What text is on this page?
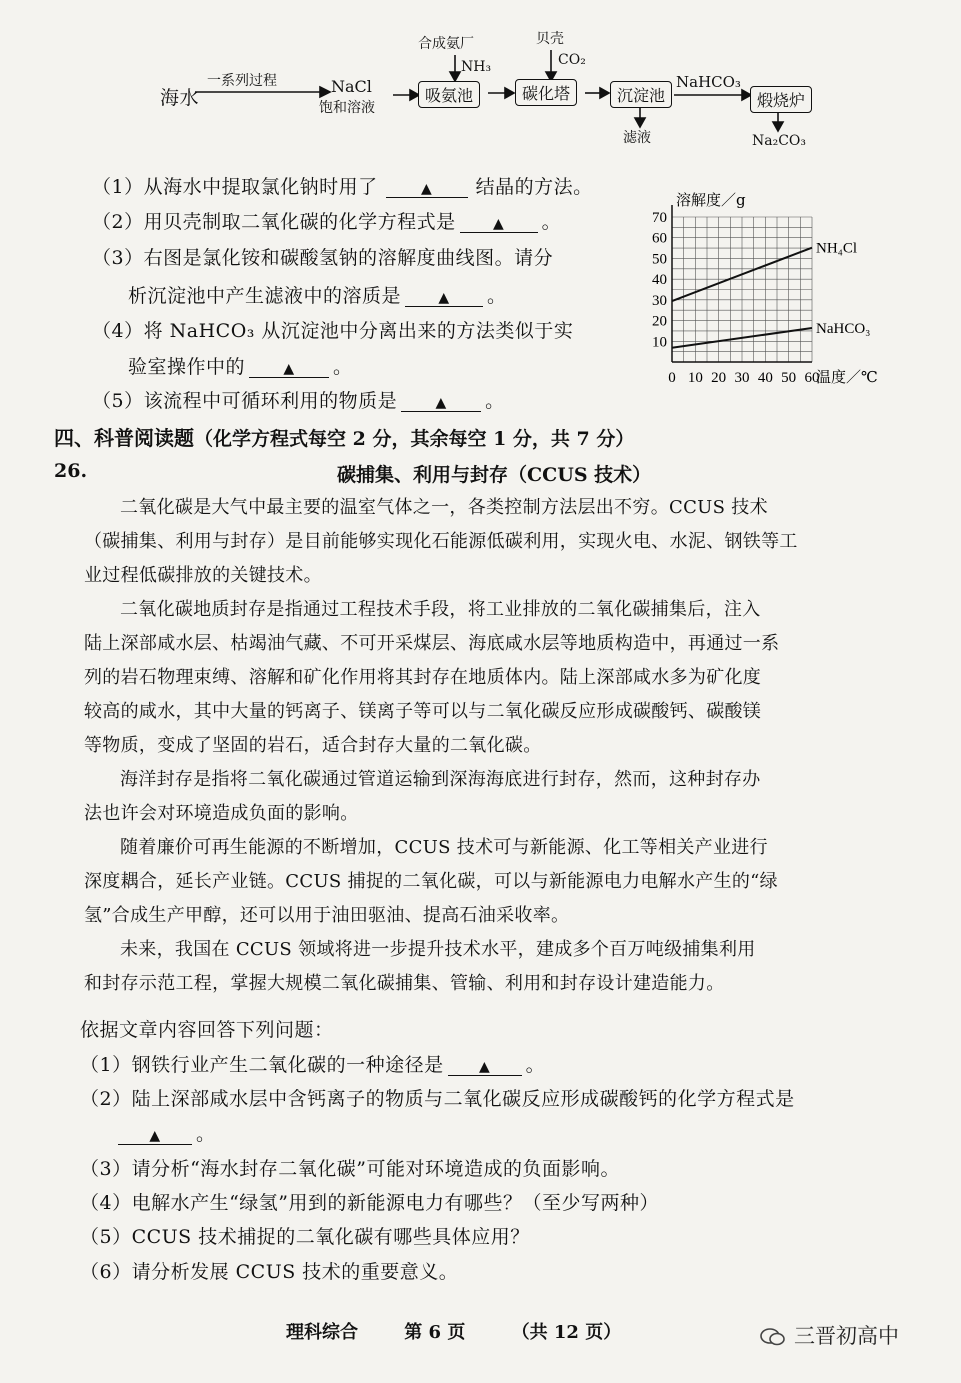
海水
一系列过程	NaCl
饱和溶液
合成氨厂
NH₃
贝壳
CO₂
吸氨池	碳化塔	沉淀池
NaHCO₃
煅烧炉
滤液	Na₂CO₃
（1）从海水中提取氯化钠时用了	▲ 结晶的方法。
（2）用贝壳制取二氧化碳的化学方程式是	▲ 。
（3）右图是氯化铵和碳酸氢钠的溶解度曲线图。请分
析沉淀池中产生滤液中的溶质是	▲ 。
（4）将 NaHCO₃ 从沉淀池中分离出来的方法类似于实
验室操作中的	▲ 。
（5）该流程中可循环利用的物质是	▲ 。
0 10 20 30 40 50 60
10
20
30
40
50
60
70
溶解度／g
温度／℃
NH₄Cl
NaHCO₃
四、科普阅读题（化学方程式每空 2 分，其余每空 1 分，共 7 分）
26.	碳捕集、利用与封存（CCUS 技术）

二氧化碳是大气中最主要的温室气体之一，各类控制方法层出不穷。CCUS 技术
（碳捕集、利用与封存）是目前能够实现化石能源低碳利用，实现火电、水泥、钢铁等工
业过程低碳排放的关键技术。

二氧化碳地质封存是指通过工程技术手段，将工业排放的二氧化碳捕集后，注入
陆上深部咸水层、枯竭油气藏、不可开采煤层、海底咸水层等地质构造中，再通过一系
列的岩石物理束缚、溶解和矿化作用将其封存在地质体内。陆上深部咸水多为矿化度
较高的咸水，其中大量的钙离子、镁离子等可以与二氧化碳反应形成碳酸钙、碳酸镁
等物质，变成了坚固的岩石，适合封存大量的二氧化碳。

海洋封存是指将二氧化碳通过管道运输到深海海底进行封存，然而，这种封存办
法也许会对环境造成负面的影响。

随着廉价可再生能源的不断增加，CCUS 技术可与新能源、化工等相关产业进行
深度耦合，延长产业链。CCUS 捕捉的二氧化碳，可以与新能源电力电解水产生的“绿
氢”合成生产甲醇，还可以用于油田驱油、提高石油采收率。

未来，我国在 CCUS 领域将进一步提升技术水平，建成多个百万吨级捕集利用
和封存示范工程，掌握大规模二氧化碳捕集、管输、利用和封存设计建造能力。

依据文章内容回答下列问题：
（1）钢铁行业产生二氧化碳的一种途径是	▲ 。
（2）陆上深部咸水层中含钙离子的物质与二氧化碳反应形成碳酸钙的化学方程式是
▲ 。
（3）请分析“海水封存二氧化碳”可能对环境造成的负面影响。
（4）电解水产生“绿氢”用到的新能源电力有哪些？（至少写两种）
（5）CCUS 技术捕捉的二氧化碳有哪些具体应用？
（6）请分析发展 CCUS 技术的重要意义。
理科综合	第 6 页	（共 12 页）	三晋初高中
